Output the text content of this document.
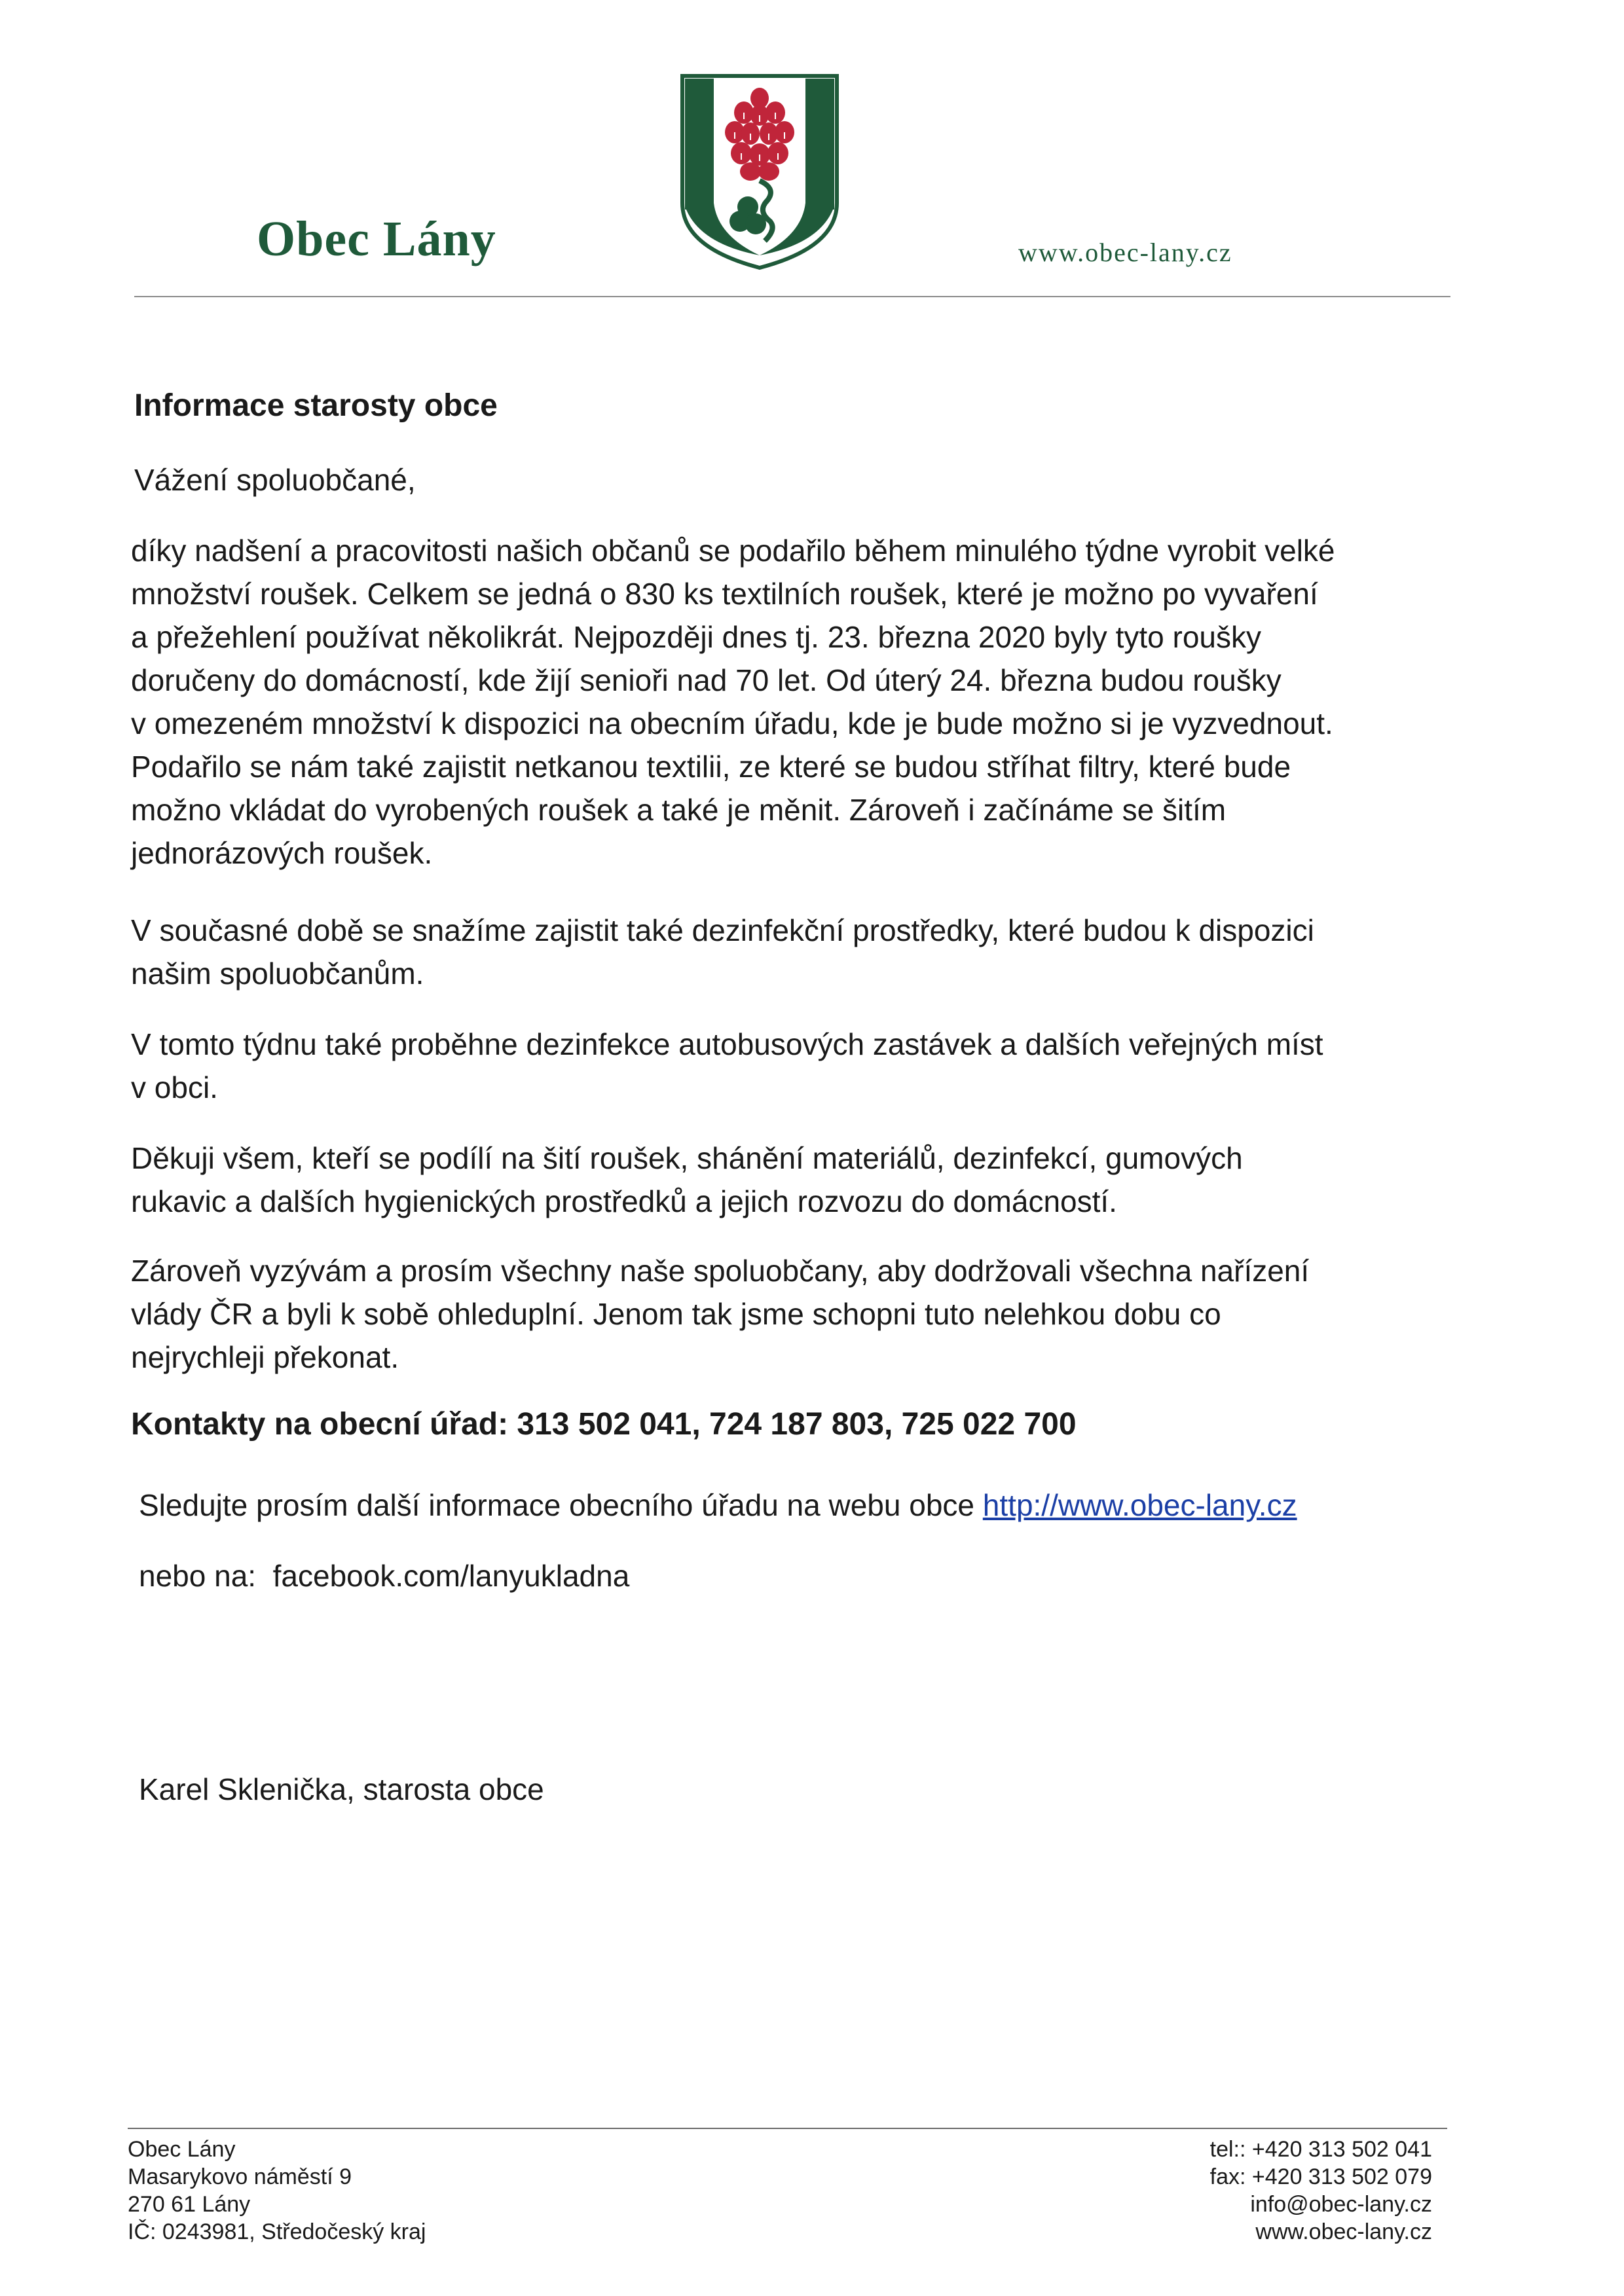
Obec Lány	www.obec-lany.cz
Informace starosty obce
Vážení spoluobčané,
díky nadšení a pracovitosti našich občanů se podařilo během minulého týdne vyrobit velké
množství roušek. Celkem se jedná o 830 ks textilních roušek, které je možno po vyvaření
a přežehlení používat několikrát. Nejpozději dnes tj. 23. března 2020 byly tyto roušky
doručeny do domácností, kde žijí senioři nad 70 let. Od úterý 24. března budou roušky
v omezeném množství k dispozici na obecním úřadu, kde je bude možno si je vyzvednout.
Podařilo se nám také zajistit netkanou textilii, ze které se budou stříhat filtry, které bude
možno vkládat do vyrobených roušek a také je měnit. Zároveň i začínáme se šitím
jednorázových roušek.
V současné době se snažíme zajistit také dezinfekční prostředky, které budou k dispozici
našim spoluobčanům.
V tomto týdnu také proběhne dezinfekce autobusových zastávek a dalších veřejných míst
v obci.
Děkuji všem, kteří se podílí na šití roušek, shánění materiálů, dezinfekcí, gumových
rukavic a dalších hygienických prostředků a jejich rozvozu do domácností.
Zároveň vyzývám a prosím všechny naše spoluobčany, aby dodržovali všechna nařízení
vlády ČR a byli k sobě ohleduplní. Jenom tak jsme schopni tuto nelehkou dobu co
nejrychleji překonat.
Kontakty na obecní úřad: 313 502 041, 724 187 803, 725 022 700
Sledujte prosím další informace obecního úřadu na webu obce http://www.obec-lany.cz
nebo na:  facebook.com/lanyukladna
Karel Sklenička, starosta obce
Obec Lány
Masarykovo náměstí 9
270 61 Lány
IČ: 0243981, Středočeský kraj
tel:: +420 313 502 041
fax: +420 313 502 079
info@obec-lany.cz
www.obec-lany.cz
